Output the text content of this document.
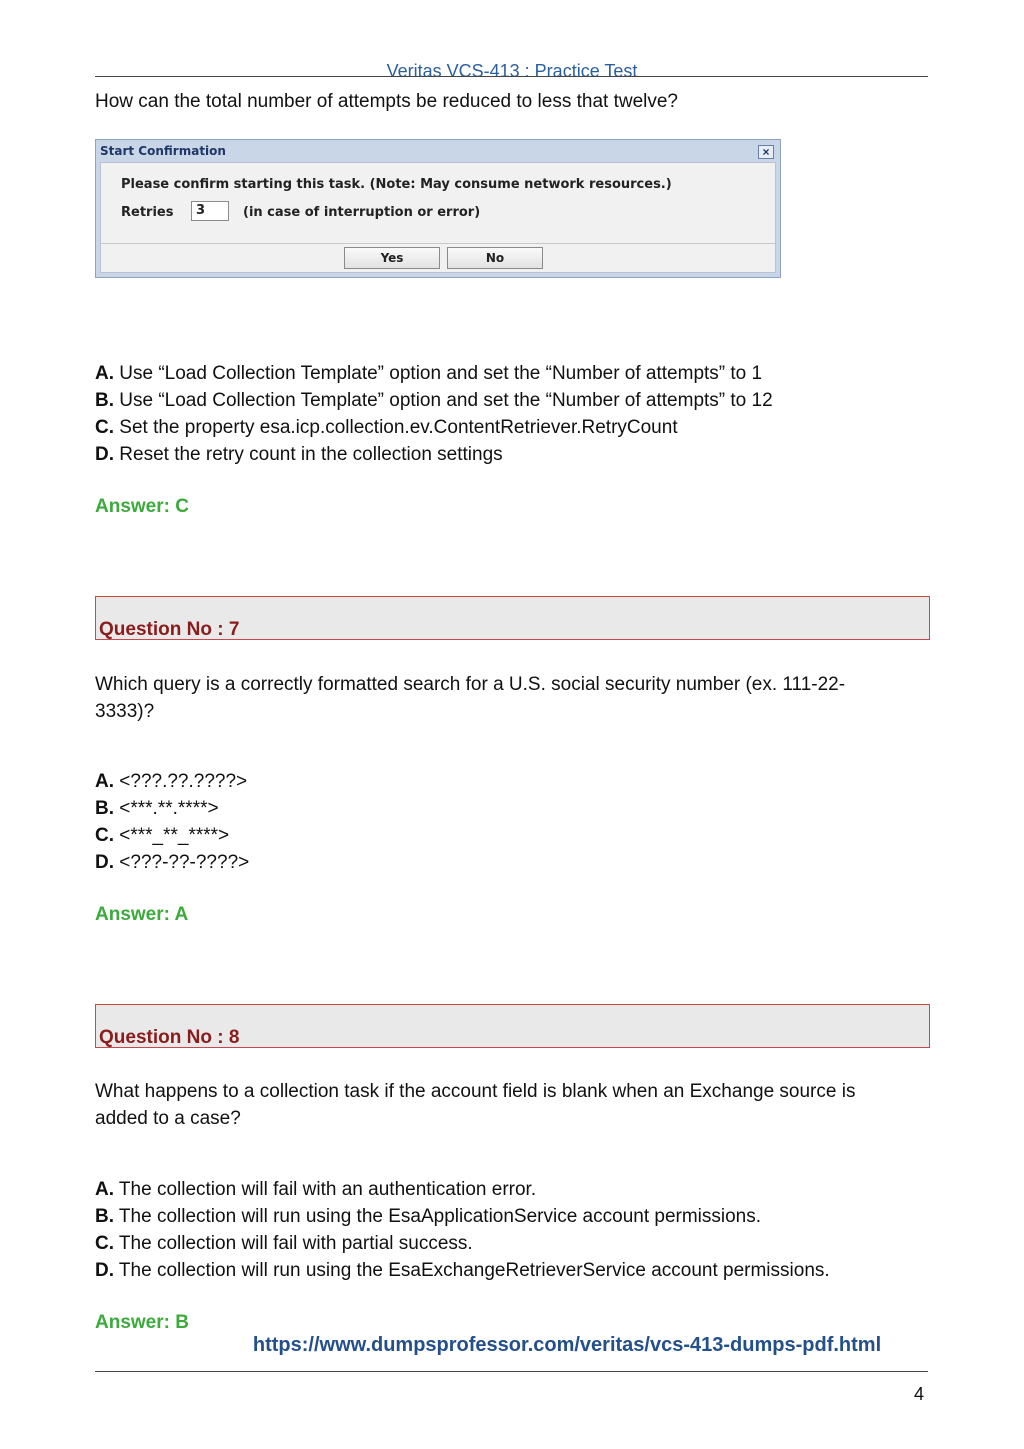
Veritas VCS-413 : Practice Test
How can the total number of attempts be reduced to less that twelve?
Start Confirmation	×
Please confirm starting this task. (Note: May consume network resources.)
Retries	3	(in case of interruption or error)
Yes	No
A. Use “Load Collection Template” option and set the “Number of attempts” to 1
B. Use “Load Collection Template” option and set the “Number of attempts” to 12
C. Set the property esa.icp.collection.ev.ContentRetriever.RetryCount
D. Reset the retry count in the collection settings
Answer: C
Question No : 7
Which query is a correctly formatted search for a U.S. social security number (ex. 111-22-
3333)?
A. <???.??.????>
B. <***.**.****>
C. <***_**_****>
D. <???-??-????>
Answer: A
Question No : 8
What happens to a collection task if the account field is blank when an Exchange source is
added to a case?
A. The collection will fail with an authentication error.
B. The collection will run using the EsaApplicationService account permissions.
C. The collection will fail with partial success.
D. The collection will run using the EsaExchangeRetrieverService account permissions.
Answer: B
https://www.dumpsprofessor.com/veritas/vcs-413-dumps-pdf.html
4
